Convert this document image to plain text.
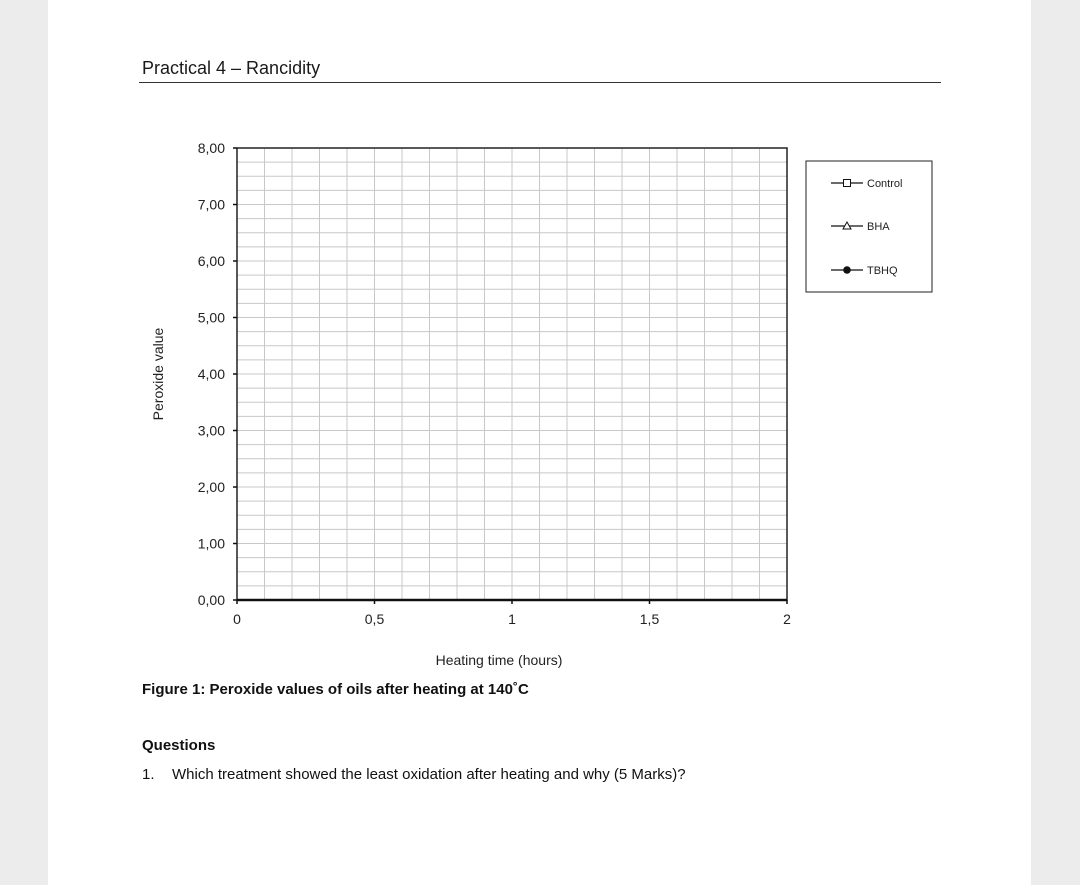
Practical 4 – Rancidity
0,00
1,00
2,00
3,00
4,00
5,00
6,00
7,00
8,00
0	0,5	1	1,5	2
Peroxide value
Heating time (hours)
Control
BHA
TBHQ
Figure 1: Peroxide values of oils after heating at 140˚C
Questions
1. Which treatment showed the least oxidation after heating and why (5 Marks)?
